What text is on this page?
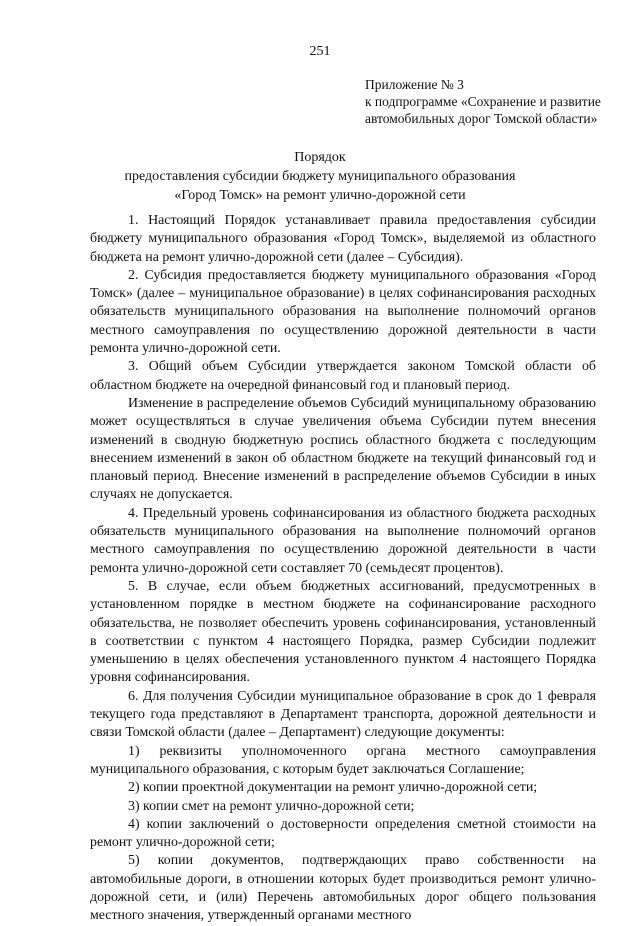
251
Приложение № 3
к подпрограмме «Сохранение и развитие
автомобильных дорог Томской области»
Порядок
предоставления субсидии бюджету муниципального образования
«Город Томск» на ремонт улично-дорожной сети

1. Настоящий Порядок устанавливает правила предоставления субсидии бюджету муниципального образования «Город Томск», выделяемой из областного бюджета на ремонт улично-дорожной сети (далее – Субсидия).

2. Субсидия предоставляется бюджету муниципального образования «Город Томск» (далее – муниципальное образование) в целях софинансирования расходных обязательств муниципального образования на выполнение полномочий органов местного самоуправления по осуществлению дорожной деятельности в части ремонта улично-дорожной сети.

3. Общий объем Субсидии утверждается законом Томской области об областном бюджете на очередной финансовый год и плановый период.

Изменение в распределение объемов Субсидий муниципальному образованию может осуществляться в случае увеличения объема Субсидии путем внесения изменений в сводную бюджетную роспись областного бюджета с последующим внесением изменений в закон об областном бюджете на текущий финансовый год и плановый период. Внесение изменений в распределение объемов Субсидии в иных случаях не допускается.

4. Предельный уровень софинансирования из областного бюджета расходных обязательств муниципального образования на выполнение полномочий органов местного самоуправления по осуществлению дорожной деятельности в части ремонта улично-дорожной сети составляет 70 (семьдесят процентов).

5. В случае, если объем бюджетных ассигнований, предусмотренных в установленном порядке в местном бюджете на софинансирование расходного обязательства, не позволяет обеспечить уровень софинансирования, установленный в соответствии с пунктом 4 настоящего Порядка, размер Субсидии подлежит уменьшению в целях обеспечения установленного пунктом 4 настоящего Порядка уровня софинансирования.

6. Для получения Субсидии муниципальное образование в срок до 1 февраля текущего года представляют в Департамент транспорта, дорожной деятельности и связи Томской области (далее – Департамент) следующие документы:

1) реквизиты уполномоченного органа местного самоуправления муниципального образования, с которым будет заключаться Соглашение;

2) копии проектной документации на ремонт улично-дорожной сети;

3) копии смет на ремонт улично-дорожной сети;

4) копии заключений о достоверности определения сметной стоимости на ремонт улично-дорожной сети;

5) копии документов, подтверждающих право собственности на автомобильные дороги, в отношении которых будет производиться ремонт улично-дорожной сети, и (или) Перечень автомобильных дорог общего пользования местного значения, утвержденный органами местного
